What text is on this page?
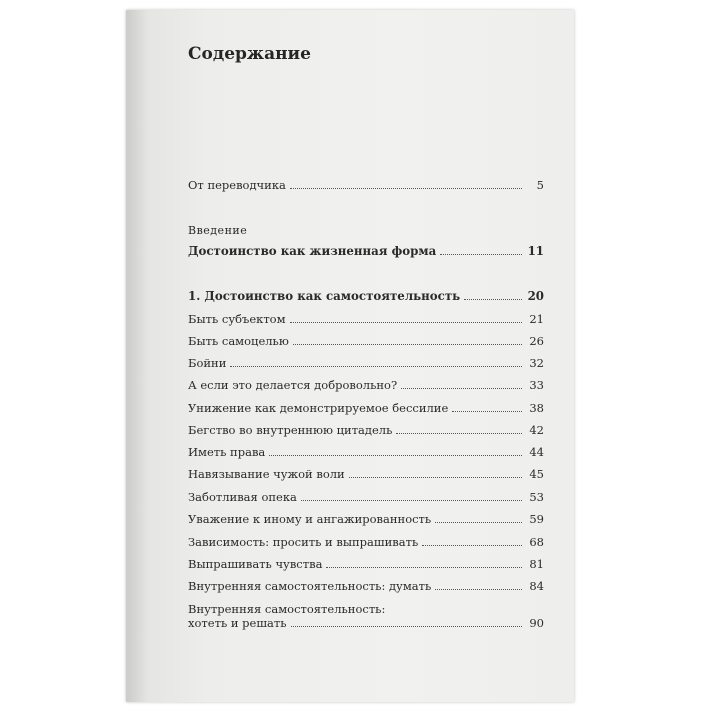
Содержание
От переводчика	5
Введение
Достоинство как жизненная форма	11
1. Достоинство как самостоятельность	20
Быть субъектом	21
Быть самоцелью	26
Бойни	32
А если это делается добровольно?	33
Унижение как демонстрируемое бессилие	38
Бегство во внутреннюю цитадель	42
Иметь права	44
Навязывание чужой воли	45
Заботливая опека	53
Уважение к иному и ангажированность	59
Зависимость: просить и выпрашивать	68
Выпрашивать чувства	81
Внутренняя самостоятельность: думать	84
Внутренняя самостоятельность:
хотеть и решать	90
